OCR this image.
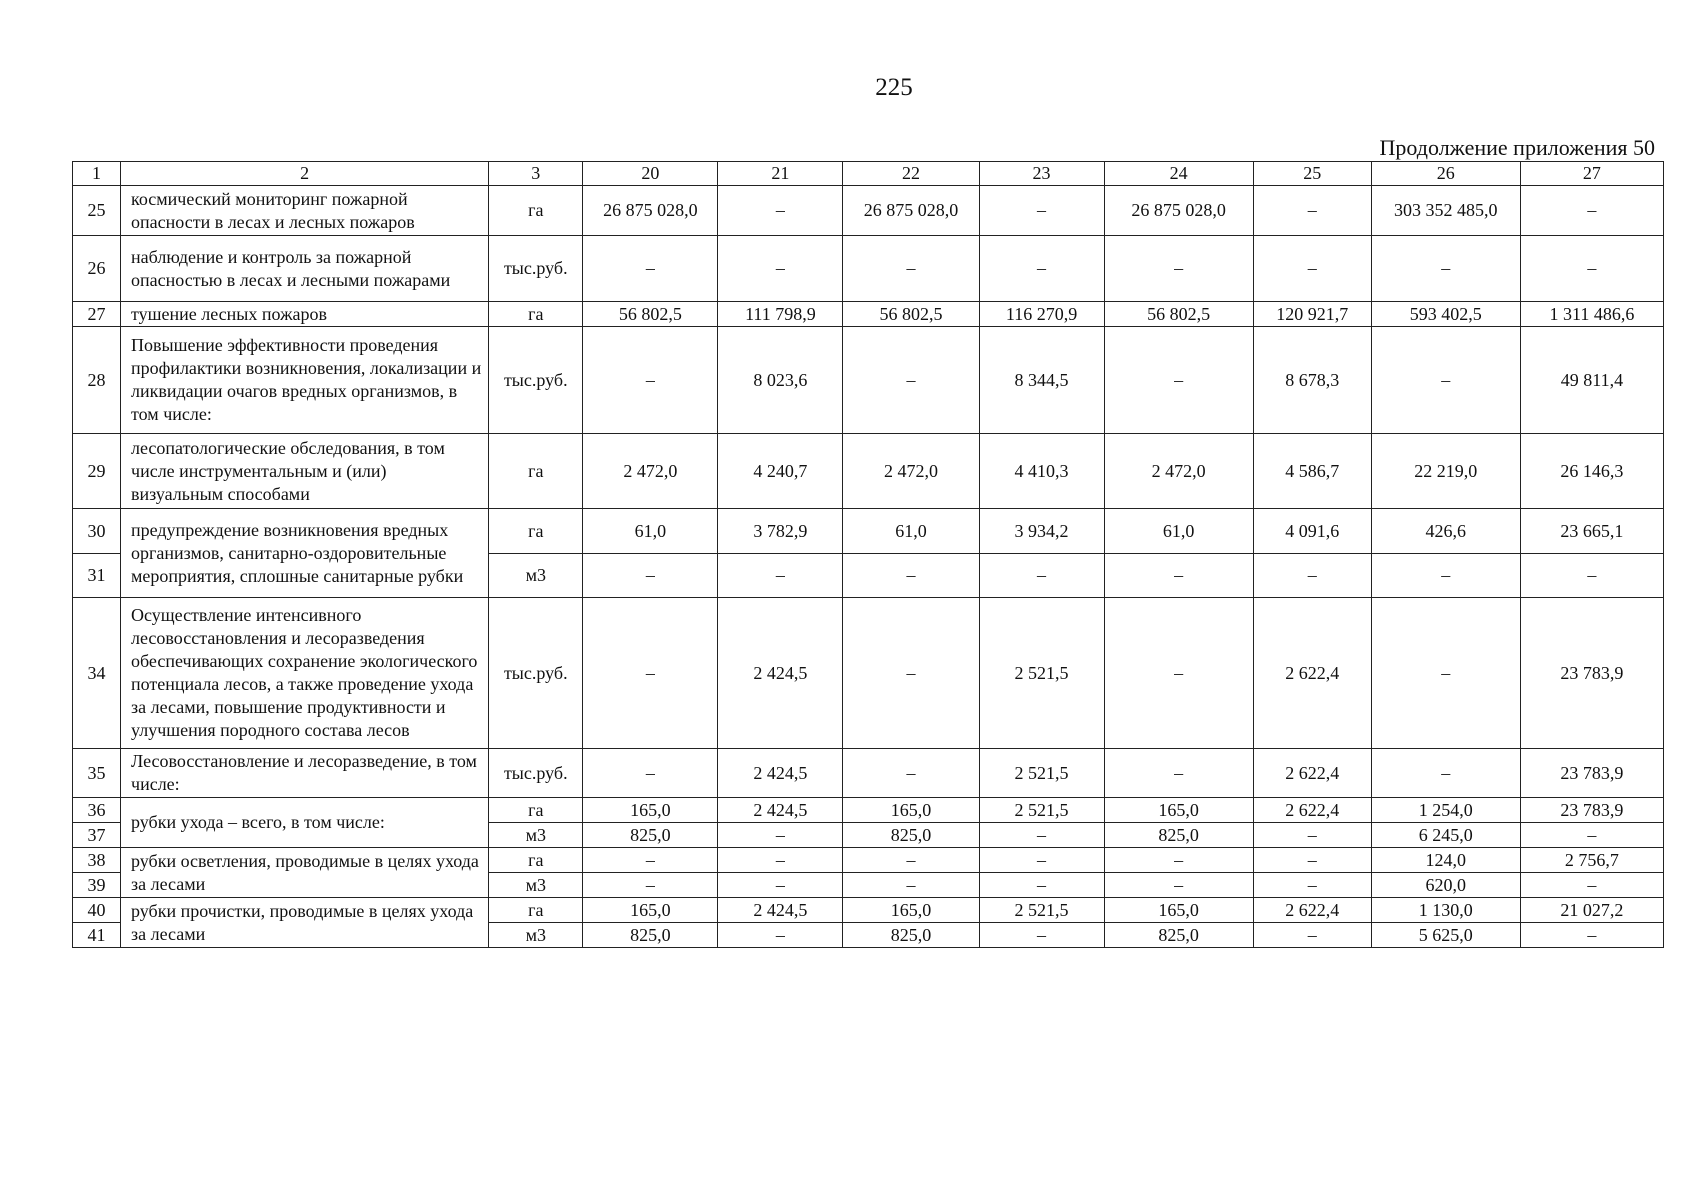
225
Продолжение приложения 50
1	2	3	20	21	22	23	24	25	26	27
25	космический мониторинг пожарной опасности в лесах и лесных пожаров	га	26 875 028,0	–	26 875 028,0	–	26 875 028,0	–	303 352 485,0	–
26	наблюдение и контроль за пожарной опасностью в лесах и лесными пожарами	тыс.руб.	–	–	–	–	–	–	–	–
27	тушение лесных пожаров	га	56 802,5	111 798,9	56 802,5	116 270,9	56 802,5	120 921,7	593 402,5	1 311 486,6
28	Повышение эффективности проведения профилактики возникновения, локализации и ликвидации очагов вредных организмов, в том числе:	тыс.руб.	–	8 023,6	–	8 344,5	–	8 678,3	–	49 811,4
29	лесопатологические обследования, в том числе инструментальным и (или) визуальным способами	га	2 472,0	4 240,7	2 472,0	4 410,3	2 472,0	4 586,7	22 219,0	26 146,3
30	предупреждение возникновения вредных организмов, санитарно-оздоровительные мероприятия, сплошные санитарные рубки	га	61,0	3 782,9	61,0	3 934,2	61,0	4 091,6	426,6	23 665,1
31		м3	–	–	–	–	–	–	–	–
34	Осуществление интенсивного лесовосстановления и лесоразведения обеспечивающих сохранение экологического потенциала лесов, а также проведение ухода за лесами, повышение продуктивности и улучшения породного состава лесов	тыс.руб.	–	2 424,5	–	2 521,5	–	2 622,4	–	23 783,9
35	Лесовосстановление и лесоразведение, в том числе:	тыс.руб.	–	2 424,5	–	2 521,5	–	2 622,4	–	23 783,9
36	рубки ухода – всего, в том числе:	га	165,0	2 424,5	165,0	2 521,5	165,0	2 622,4	1 254,0	23 783,9
37		м3	825,0	–	825,0	–	825,0	–	6 245,0	–
38	рубки осветления, проводимые в целях ухода за лесами	га	–	–	–	–	–	–	124,0	2 756,7
39		м3	–	–	–	–	–	–	620,0	–
40	рубки прочистки, проводимые в целях ухода за лесами	га	165,0	2 424,5	165,0	2 521,5	165,0	2 622,4	1 130,0	21 027,2
41		м3	825,0	–	825,0	–	825,0	–	5 625,0	–
